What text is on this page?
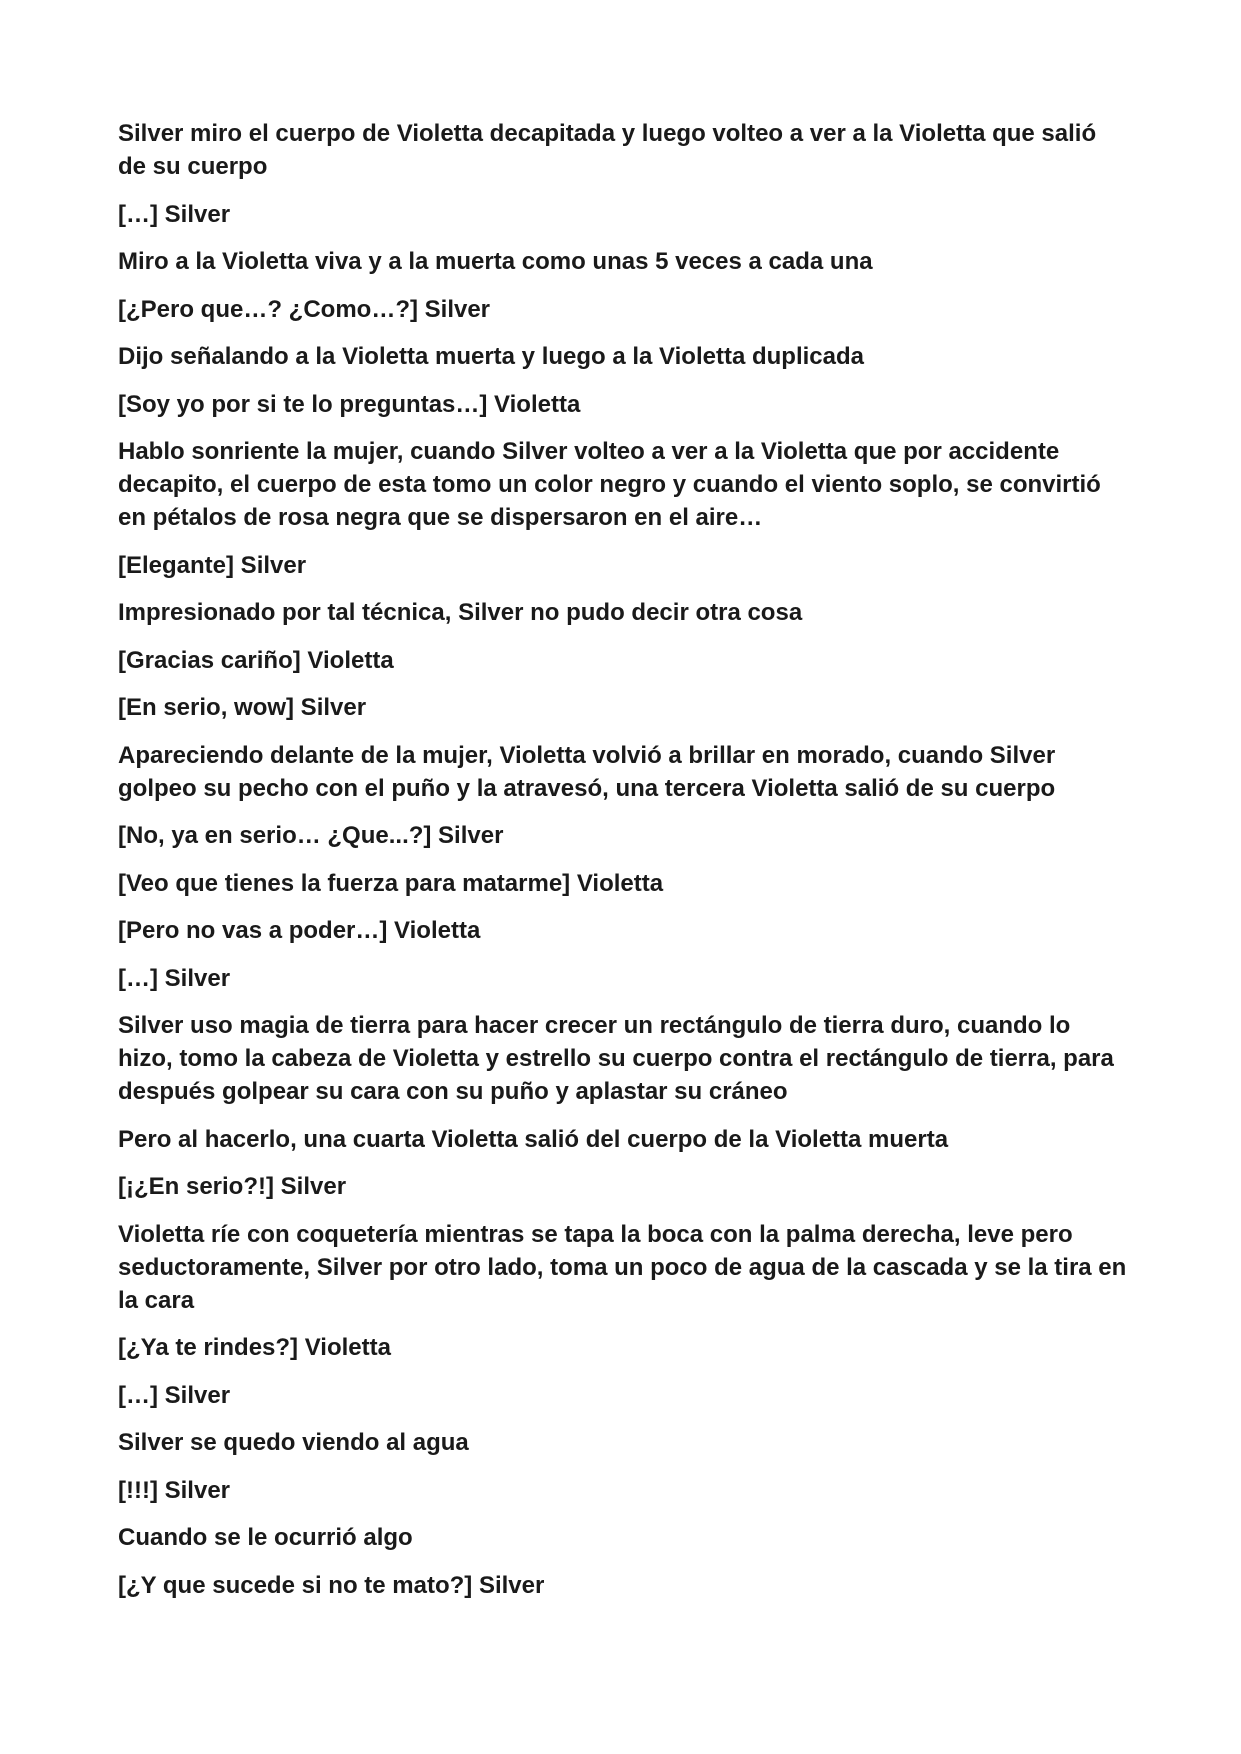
Silver miro el cuerpo de Violetta decapitada y luego volteo a ver a la Violetta que salió de su cuerpo

[…] Silver

Miro a la Violetta viva y a la muerta como unas 5 veces a cada una

[¿Pero que…? ¿Como…?] Silver

Dijo señalando a la Violetta muerta y luego a la Violetta duplicada

[Soy yo por si te lo preguntas…] Violetta

Hablo sonriente la mujer, cuando Silver volteo a ver a la Violetta que por accidente decapito, el cuerpo de esta tomo un color negro y cuando el viento soplo, se convirtió en pétalos de rosa negra que se dispersaron en el aire…

[Elegante] Silver

Impresionado por tal técnica, Silver no pudo decir otra cosa

[Gracias cariño] Violetta

[En serio, wow] Silver

Apareciendo delante de la mujer, Violetta volvió a brillar en morado, cuando Silver golpeo su pecho con el puño y la atravesó, una tercera Violetta salió de su cuerpo

[No, ya en serio… ¿Que...?] Silver

[Veo que tienes la fuerza para matarme] Violetta

[Pero no vas a poder…] Violetta

[…] Silver

Silver uso magia de tierra para hacer crecer un rectángulo de tierra duro, cuando lo hizo, tomo la cabeza de Violetta y estrello su cuerpo contra el rectángulo de tierra, para después golpear su cara con su puño y aplastar su cráneo

Pero al hacerlo, una cuarta Violetta salió del cuerpo de la Violetta muerta

[¡¿En serio?!] Silver

Violetta ríe con coquetería mientras se tapa la boca con la palma derecha, leve pero seductoramente, Silver por otro lado, toma un poco de agua de la cascada y se la tira en la cara

[¿Ya te rindes?] Violetta

[…] Silver

Silver se quedo viendo al agua

[!!!] Silver

Cuando se le ocurrió algo

[¿Y que sucede si no te mato?] Silver
